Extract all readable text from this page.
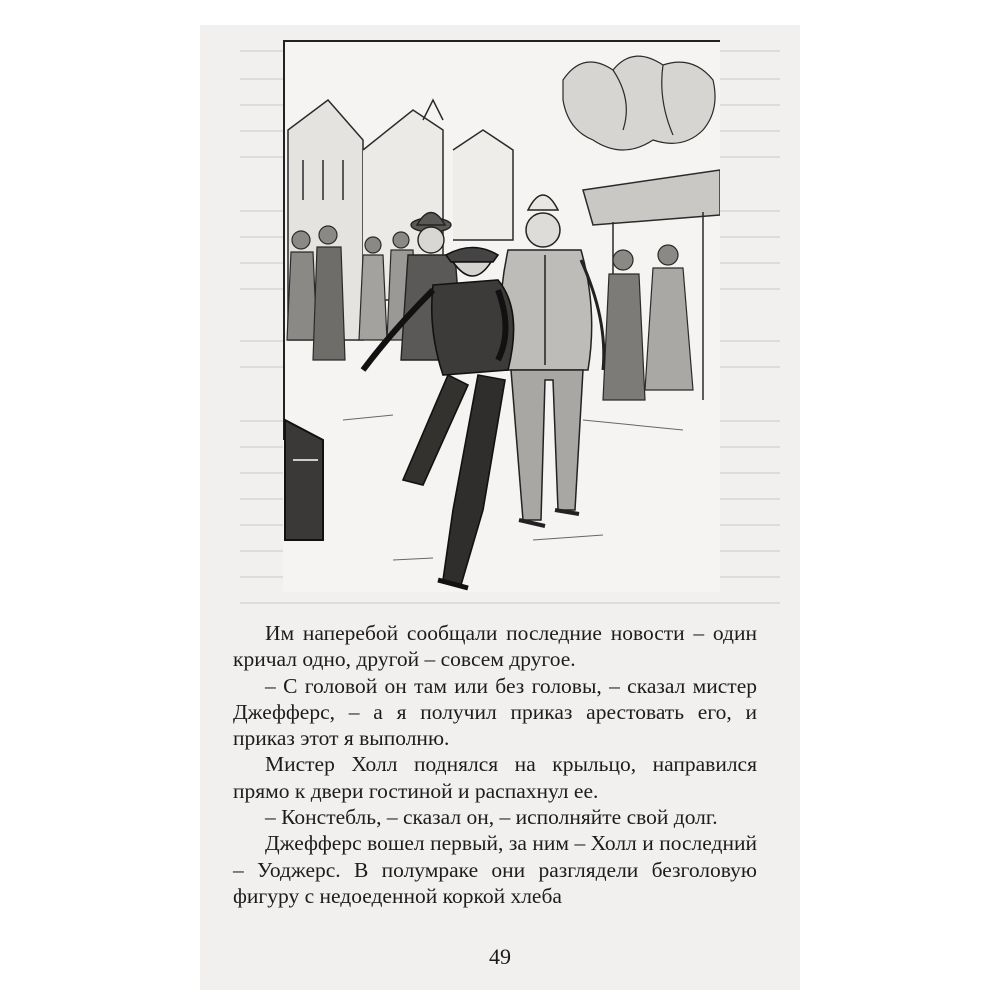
Им наперебой сообщали последние новости – один кричал одно, другой – совсем другое.

– С головой он там или без головы, – сказал мистер Джефферс, – а я получил приказ арестовать его, и приказ этот я выполню.

Мистер Холл поднялся на крыльцо, направился прямо к двери гостиной и распахнул ее.

– Констебль, – сказал он, – исполняйте свой долг.

Джефферс вошел первый, за ним – Холл и последний – Уоджерс. В полумраке они разглядели безголовую фигуру с недоеденной коркой хлеба

49
